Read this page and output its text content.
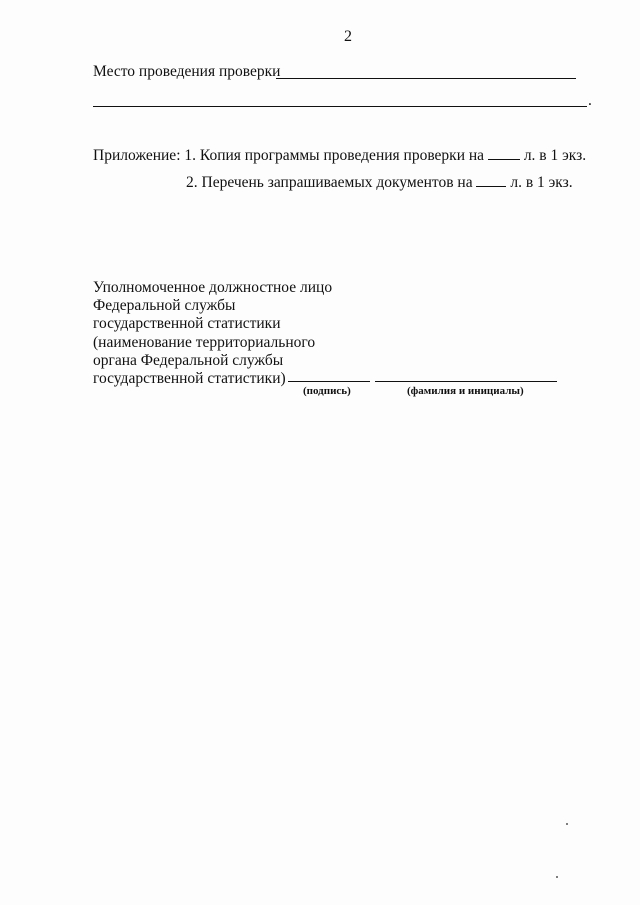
2
Место проведения проверки
.
Приложение: 1. Копия программы проведения проверки на	л. в 1 экз.
2. Перечень запрашиваемых документов на л. в 1 экз.
Уполномоченное должностное лицо
Федеральной службы
государственной статистики
(наименование территориального
органа Федеральной службы
государственной статистики)
(подпись)	(фамилия и инициалы)
